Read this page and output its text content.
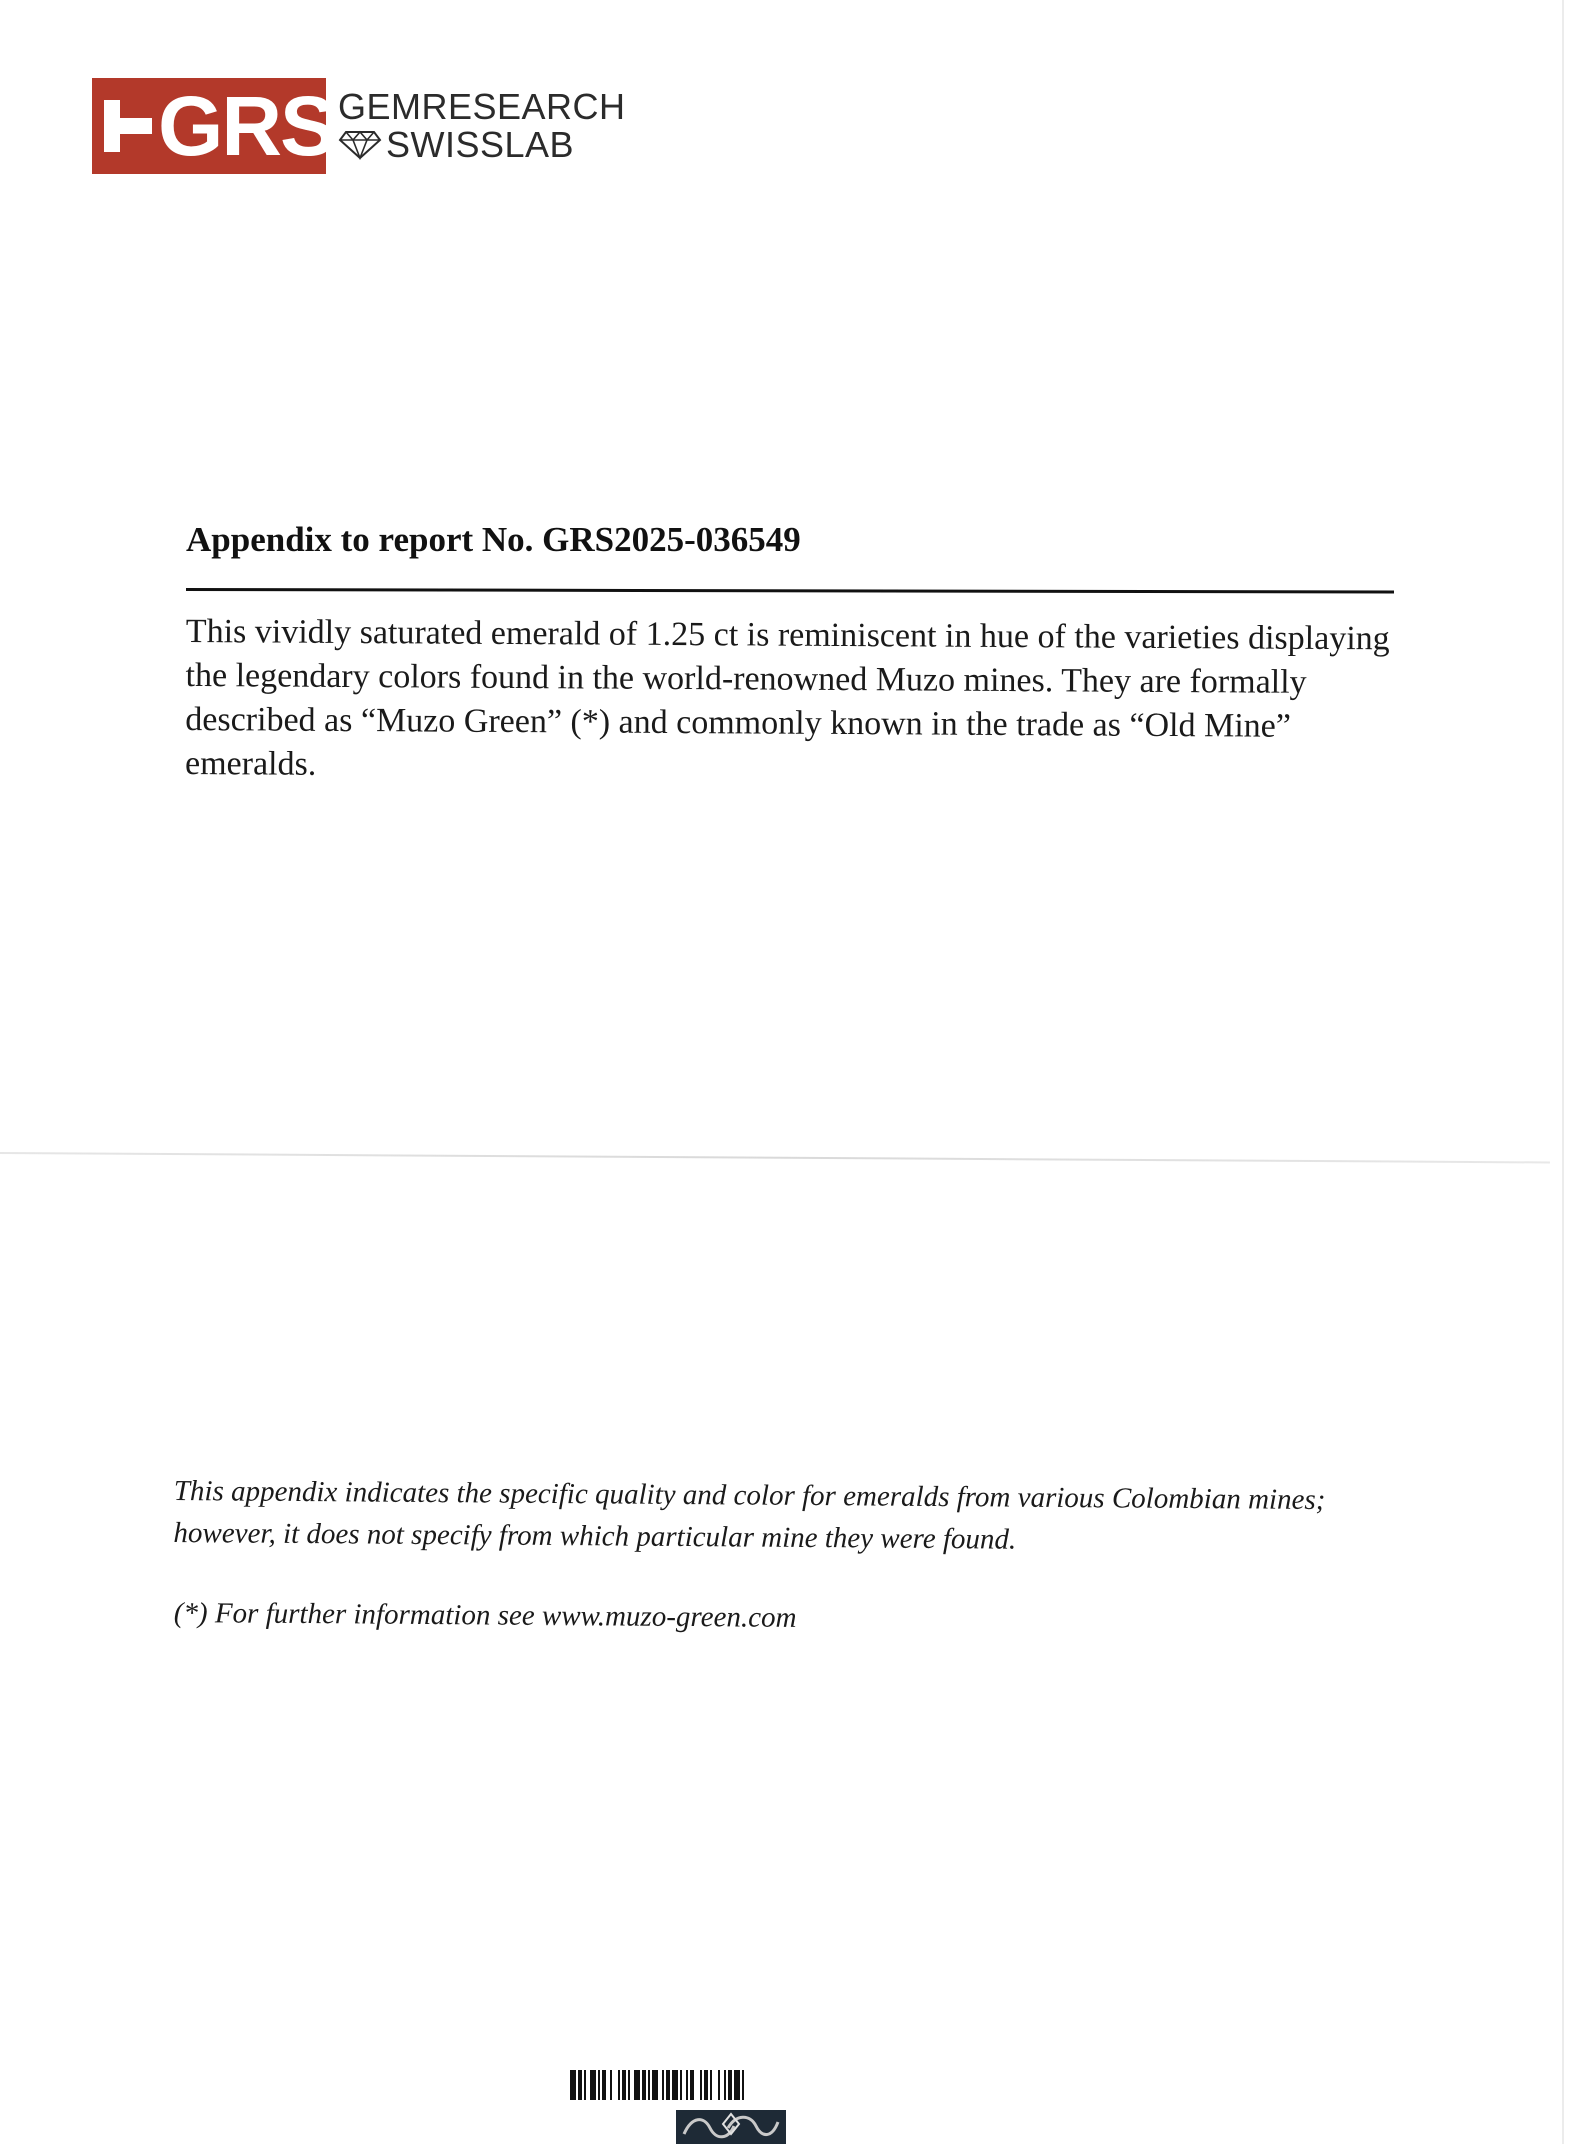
GRS GEMRESEARCH
SWISSLAB
Appendix to report No. GRS2025-036549

This vividly saturated emerald of 1.25 ct is reminiscent in hue of the varieties displaying the legendary colors found in the world-renowned Muzo mines. They are formally described as “Muzo Green” (*) and commonly known in the trade as “Old Mine” emeralds.

This appendix indicates the specific quality and color for emeralds from various Colombian mines; however, it does not specify from which particular mine they were found.

(*) For further information see www.muzo-green.com
